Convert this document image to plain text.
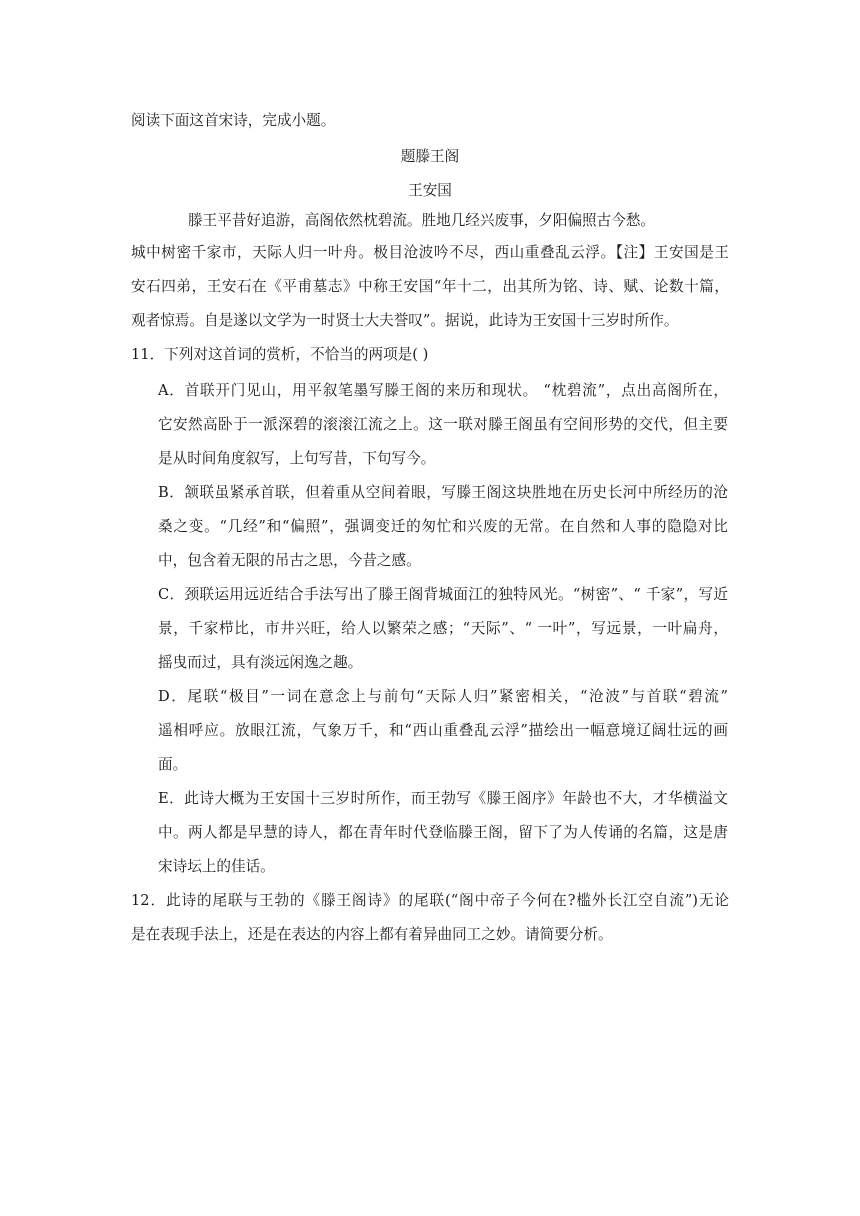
阅读下面这首宋诗，完成小题。
题滕王阁
王安国
滕王平昔好追游，高阁依然枕碧流。胜地几经兴废事，夕阳偏照古今愁。
城中树密千家市，天际人归一叶舟。极目沧波吟不尽，西山重叠乱云浮。【注】王安国是王
安石四弟，王安石在《平甫墓志》中称王安国“年十二，出其所为铭、诗、赋、论数十篇，
观者惊焉。自是遂以文学为一时贤士大夫誉叹”。据说，此诗为王安国十三岁时所作。
11．下列对这首词的赏析，不恰当的两项是( )
A．首联开门见山，用平叙笔墨写滕王阁的来历和现状。 “枕碧流”，点出高阁所在，
它安然高卧于一派深碧的滚滚江流之上。这一联对滕王阁虽有空间形势的交代，但主要
是从时间角度叙写，上句写昔，下句写今。
B．颔联虽紧承首联，但着重从空间着眼，写滕王阁这块胜地在历史长河中所经历的沧
桑之变。“几经”和“偏照”，强调变迁的匆忙和兴废的无常。在自然和人事的隐隐对比
中，包含着无限的吊古之思，今昔之感。
C．颈联运用远近结合手法写出了滕王阁背城面江的独特风光。“树密”、“ 千家”，写近
景，千家栉比，市井兴旺，给人以繁荣之感；“天际”、“ 一叶”，写远景，一叶扁舟，
摇曳而过，具有淡远闲逸之趣。
D．尾联“极目”一词在意念上与前句“天际人归”紧密相关，“沧波”与首联“碧流”
遥相呼应。放眼江流，气象万千，和“西山重叠乱云浮”描绘出一幅意境辽阔壮远的画
面。
E．此诗大概为王安国十三岁时所作，而王勃写《滕王阁序》年龄也不大，才华横溢文
中。两人都是早慧的诗人，都在青年时代登临滕王阁，留下了为人传诵的名篇，这是唐
宋诗坛上的佳话。
12．此诗的尾联与王勃的《滕王阁诗》的尾联(“阁中帝子今何在?槛外长江空自流”)无论
是在表现手法上，还是在表达的内容上都有着异曲同工之妙。请简要分析。
